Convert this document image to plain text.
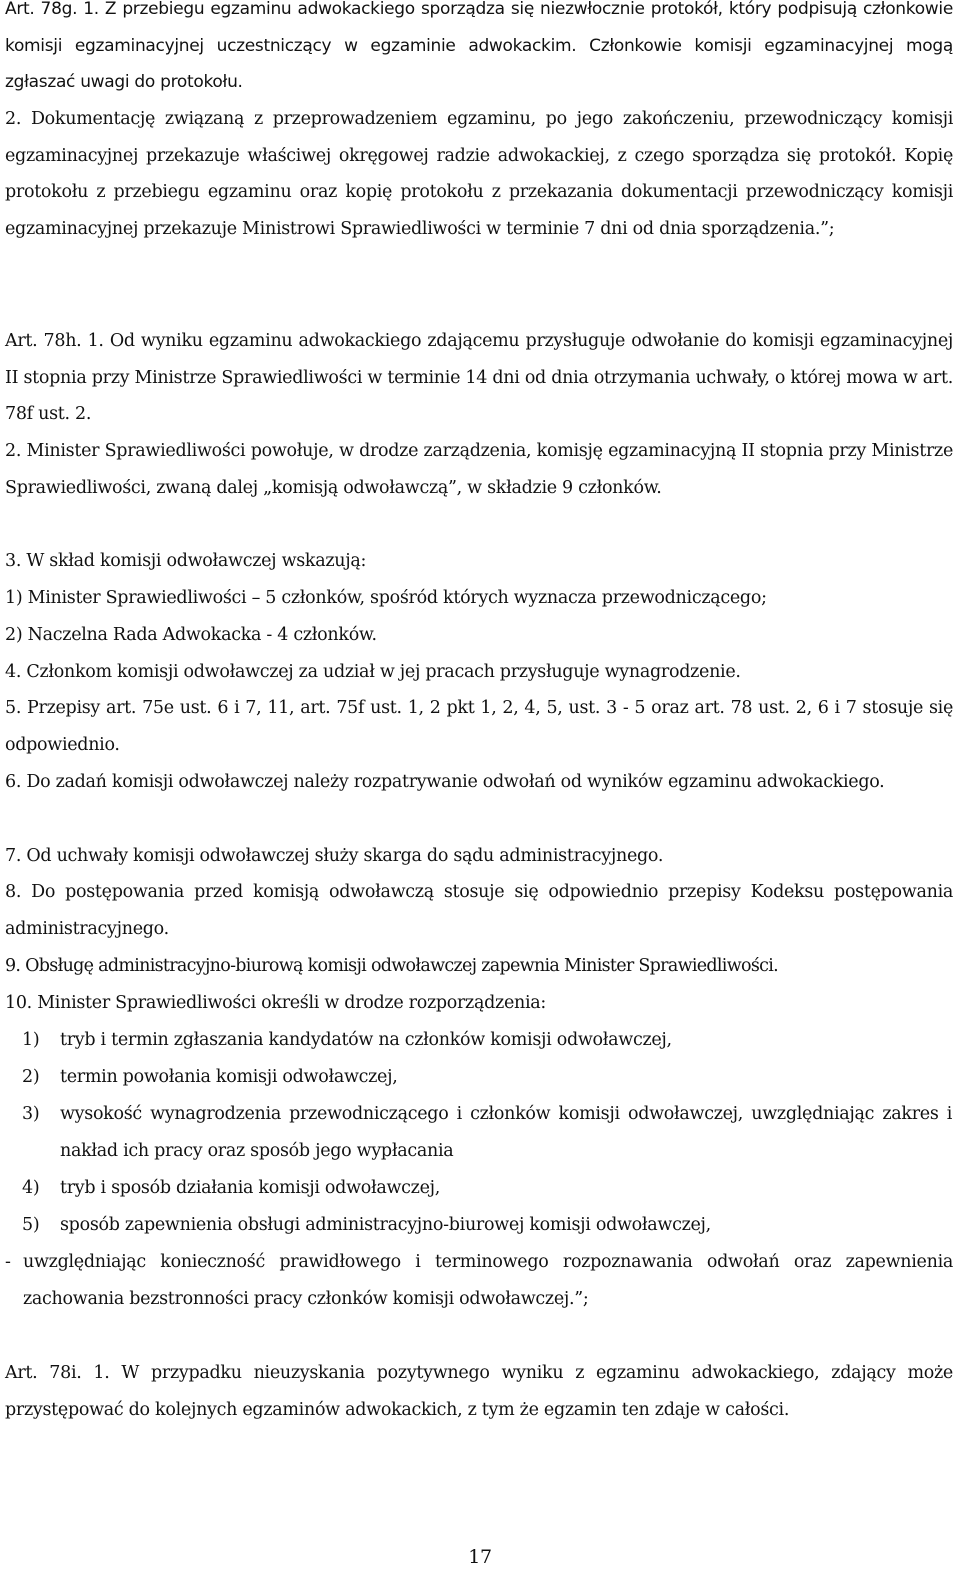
Art. 78g. 1. Z przebiegu egzaminu adwokackiego sporządza się niezwłocznie protokół, który podpisują członkowie komisji egzaminacyjnej uczestniczący w egzaminie adwokackim. Członkowie komisji egzaminacyjnej mogą zgłaszać uwagi do protokołu.

2. Dokumentację związaną z przeprowadzeniem egzaminu, po jego zakończeniu, przewodniczący komisji egzaminacyjnej przekazuje właściwej okręgowej radzie adwokackiej, z czego sporządza się protokół. Kopię protokołu z przebiegu egzaminu oraz kopię protokołu z przekazania dokumentacji przewodniczący komisji egzaminacyjnej przekazuje Ministrowi Sprawiedliwości w terminie 7 dni od dnia sporządzenia.”;

Art. 78h. 1. Od wyniku egzaminu adwokackiego zdającemu przysługuje odwołanie do komisji egzaminacyjnej II stopnia przy Ministrze Sprawiedliwości w terminie 14 dni od dnia otrzymania uchwały, o której mowa w art. 78f ust. 2.

2. Minister Sprawiedliwości powołuje, w drodze zarządzenia, komisję egzaminacyjną II stopnia przy Ministrze Sprawiedliwości, zwaną dalej „komisją odwoławczą”, w składzie 9 członków.

3. W skład komisji odwoławczej wskazują:

1) Minister Sprawiedliwości – 5 członków, spośród których wyznacza przewodniczącego;

2) Naczelna Rada Adwokacka - 4 członków.

4. Członkom komisji odwoławczej za udział w jej pracach przysługuje wynagrodzenie.

5. Przepisy art. 75e ust. 6 i 7, 11, art. 75f ust. 1, 2 pkt 1, 2, 4, 5, ust. 3 - 5 oraz art. 78 ust. 2, 6 i 7 stosuje się odpowiednio.

6. Do zadań komisji odwoławczej należy rozpatrywanie odwołań od wyników egzaminu adwokackiego.

7. Od uchwały komisji odwoławczej służy skarga do sądu administracyjnego.

8. Do postępowania przed komisją odwoławczą stosuje się odpowiednio przepisy Kodeksu postępowania administracyjnego.

9. Obsługę administracyjno-biurową komisji odwoławczej zapewnia Minister Sprawiedliwości.

10. Minister Sprawiedliwości określi w drodze rozporządzenia:

1)	tryb i termin zgłaszania kandydatów na członków komisji odwoławczej,
2)	termin powołania komisji odwoławczej,
3)	wysokość wynagrodzenia przewodniczącego i członków komisji odwoławczej, uwzględniając zakres i nakład ich pracy oraz sposób jego wypłacania
4)	tryb i sposób działania komisji odwoławczej,
5)	sposób zapewnienia obsługi administracyjno-biurowej komisji odwoławczej,
- uwzględniając konieczność prawidłowego i terminowego rozpoznawania odwołań oraz zapewnienia zachowania bezstronności pracy członków komisji odwoławczej.”;

Art. 78i. 1. W przypadku nieuzyskania pozytywnego wyniku z egzaminu adwokackiego, zdający może przystępować do kolejnych egzaminów adwokackich, z tym że egzamin ten zdaje w całości.

17
